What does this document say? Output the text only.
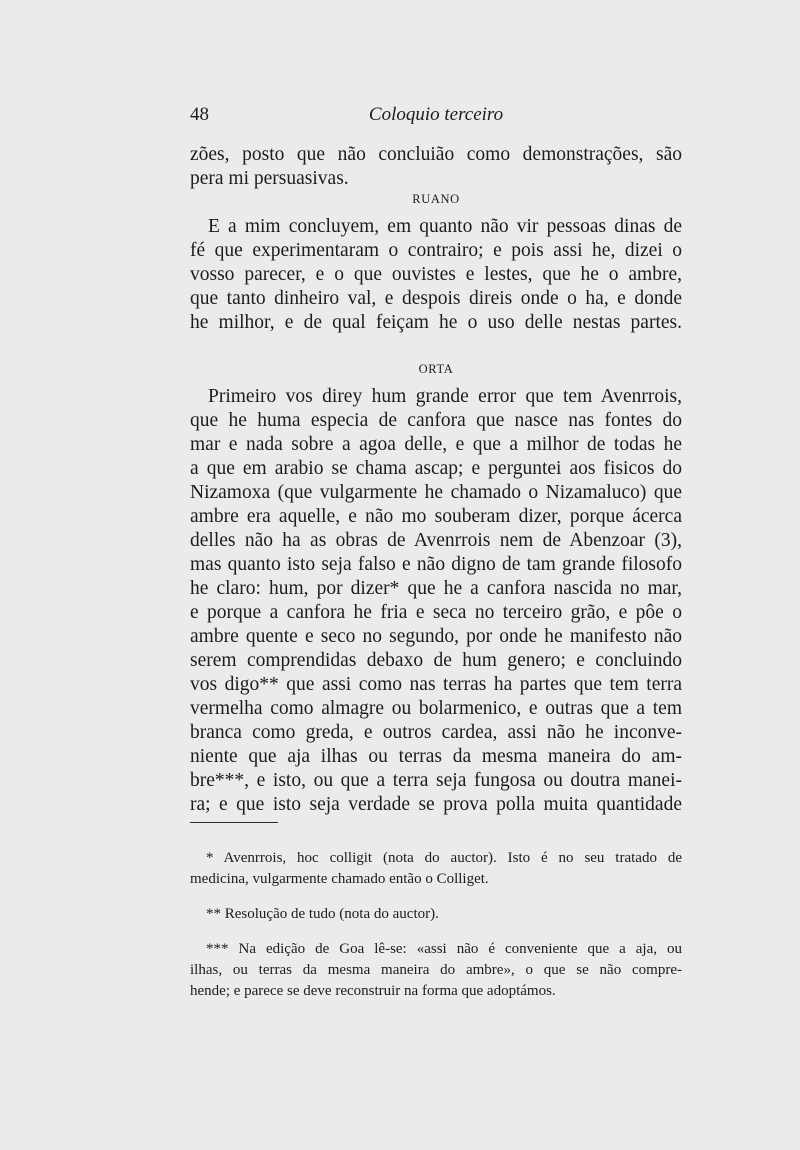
48	Coloquio terceiro

zões, posto que não concluião como demonstrações, são
pera mi persuasivas.

RUANO

E a mim concluyem, em quanto não vir pessoas dinas de
fé que experimentaram o contrairo; e pois assi he, dizei o
vosso parecer, e o que ouvistes e lestes, que he o ambre,
que tanto dinheiro val, e despois direis onde o ha, e donde
he milhor, e de qual feiçam he o uso delle nestas partes.

ORTA

Primeiro vos direy hum grande error que tem Avenrrois,
que he huma especia de canfora que nasce nas fontes do
mar e nada sobre a agoa delle, e que a milhor de todas he
a que em arabio se chama ascap; e perguntei aos fisicos do
Nizamoxa (que vulgarmente he chamado o Nizamaluco) que
ambre era aquelle, e não mo souberam dizer, porque ácerca
delles não ha as obras de Avenrrois nem de Abenzoar (3),
mas quanto isto seja falso e não digno de tam grande filosofo
he claro: hum, por dizer* que he a canfora nascida no mar,
e porque a canfora he fria e seca no terceiro grão, e pôe o
ambre quente e seco no segundo, por onde he manifesto não
serem comprendidas debaxo de hum genero; e concluindo
vos digo** que assi como nas terras ha partes que tem terra
vermelha como almagre ou bolarmenico, e outras que a tem
branca como greda, e outros cardea, assi não he inconve-
niente que aja ilhas ou terras da mesma maneira do am-
bre***, e isto, ou que a terra seja fungosa ou doutra manei-
ra; e que isto seja verdade se prova polla muita quantidade

* Avenrrois, hoc colligit (nota do auctor). Isto é no seu tratado de
medicina, vulgarmente chamado então o Colliget.
** Resolução de tudo (nota do auctor).
*** Na edição de Goa lê-se: «assi não é conveniente que a aja, ou
ilhas, ou terras da mesma maneira do ambre», o que se não compre-
hende; e parece se deve reconstruir na forma que adoptámos.
